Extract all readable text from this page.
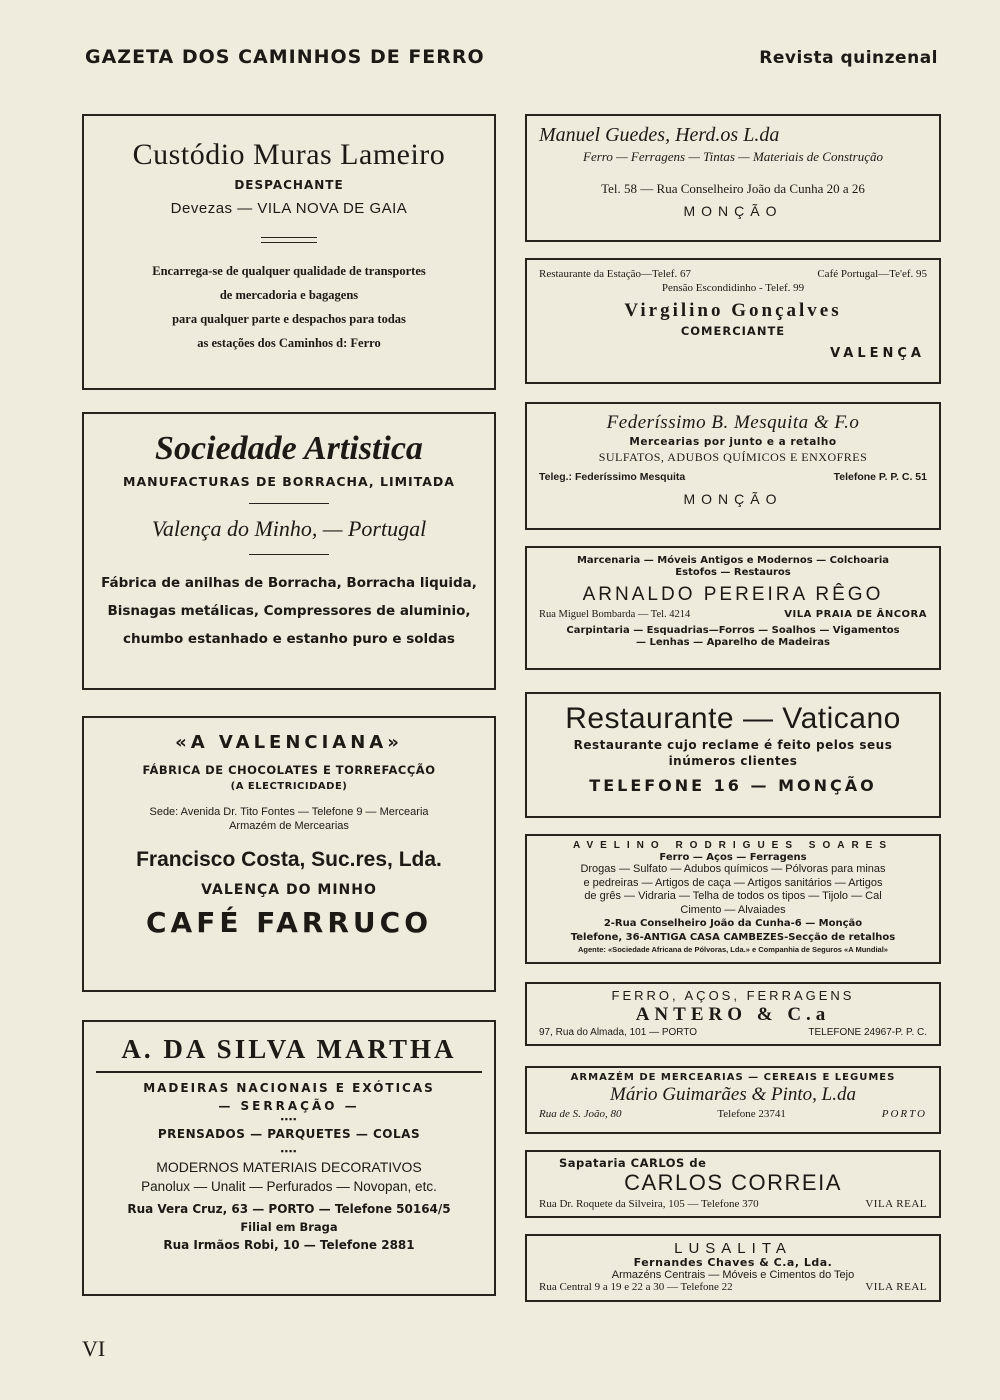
GAZETA DOS CAMINHOS DE FERRO	Revista quinzenal
Custódio Muras Lameiro
DESPACHANTE
Devezas — VILA NOVA DE GAIA
Encarrega-se de qualquer qualidade de transportes
de mercadoria e bagagens
para qualquer parte e despachos para todas
as estações dos Caminhos d: Ferro
Sociedade Artistica
MANUFACTURAS DE BORRACHA, LIMITADA
Valença do Minho, — Portugal
Fábrica de anilhas de Borracha, Borracha liquida,
Bisnagas metálicas, Compressores de aluminio,
chumbo estanhado e estanho puro e soldas
«A VALENCIANA»
FÁBRICA DE CHOCOLATES E TORREFACÇÃO
(A ELECTRICIDADE)
Sede: Avenida Dr. Tito Fontes — Telefone 9 — Mercearia
Armazém de Mercearias
Francisco Costa, Suc.res, Lda.
VALENÇA DO MINHO
CAFÉ FARRUCO
A. DA SILVA MARTHA
MADEIRAS NACIONAIS E EXÓTICAS
— SERRAÇÃO —
▪▪▪▪
PRENSADOS — PARQUETES — COLAS
▪▪▪▪
MODERNOS MATERIAIS DECORATIVOS
Panolux — Unalit — Perfurados — Novopan, etc.
Rua Vera Cruz, 63 — PORTO — Telefone 50164/5
Filial em Braga
Rua Irmãos Robi, 10 — Telefone 2881
Manuel Guedes, Herd.os L.da
Ferro — Ferragens — Tintas — Materiais de Construção
Tel. 58 — Rua Conselheiro João da Cunha 20 a 26
MONÇÃO
Restaurante da Estação—Telef. 67	Café Portugal—Te'ef. 95
Pensão Escondidinho - Telef. 99
Virgilino Gonçalves
COMERCIANTE
VALENÇA
Federíssimo B. Mesquita & F.o
Mercearias por junto e a retalho
SULFATOS, ADUBOS QUÍMICOS E ENXOFRES
Teleg.: Federíssimo Mesquita	Telefone P. P. C. 51
MONÇÃO
Marcenaria — Móveis Antigos e Modernos — Colchoaria
Estofos — Restauros
ARNALDO PEREIRA RÊGO
Rua Miguel Bombarda — Tel. 4214	VILA PRAIA DE ÂNCORA
Carpintaria — Esquadrias—Forros — Soalhos — Vigamentos
— Lenhas — Aparelho de Madeiras
Restaurante — Vaticano
Restaurante cujo reclame é feito pelos seus
inúmeros clientes
TELEFONE 16 — MONÇÃO
AVELINO RODRIGUES SOARES
Ferro — Aços — Ferragens
Drogas — Sulfato — Adubos químicos — Pólvoras para minas
e pedreiras — Artigos de caça — Artigos sanitários — Artigos
de grês — Vidraria — Telha de todos os tipos — Tijolo — Cal
Cimento — Alvaiades
2-Rua Conselheiro João da Cunha-6 — Monção
Telefone, 36-ANTIGA CASA CAMBEZES-Secção de retalhos
Agente: «Sociedade Africana de Pólvoras, Lda.» e Companhia de Seguros «A Mundial»
FERRO, AÇOS, FERRAGENS
ANTERO & C.a
97, Rua do Almada, 101 — PORTO	TELEFONE 24967-P. P. C.
ARMAZÉM DE MERCEARIAS — CEREAIS E LEGUMES
Mário Guimarães & Pinto, L.da
Rua de S. João, 80	Telefone 23741	PORTO
Sapataria CARLOS de
CARLOS CORREIA
Rua Dr. Roquete da Silveira, 105 — Telefone 370	VILA REAL
LUSALITA
Fernandes Chaves & C.a, Lda.
Armazéns Centrais — Móveis e Cimentos do Tejo
Rua Central 9 a 19 e 22 a 30 — Telefone 22	VILA REAL
VI
